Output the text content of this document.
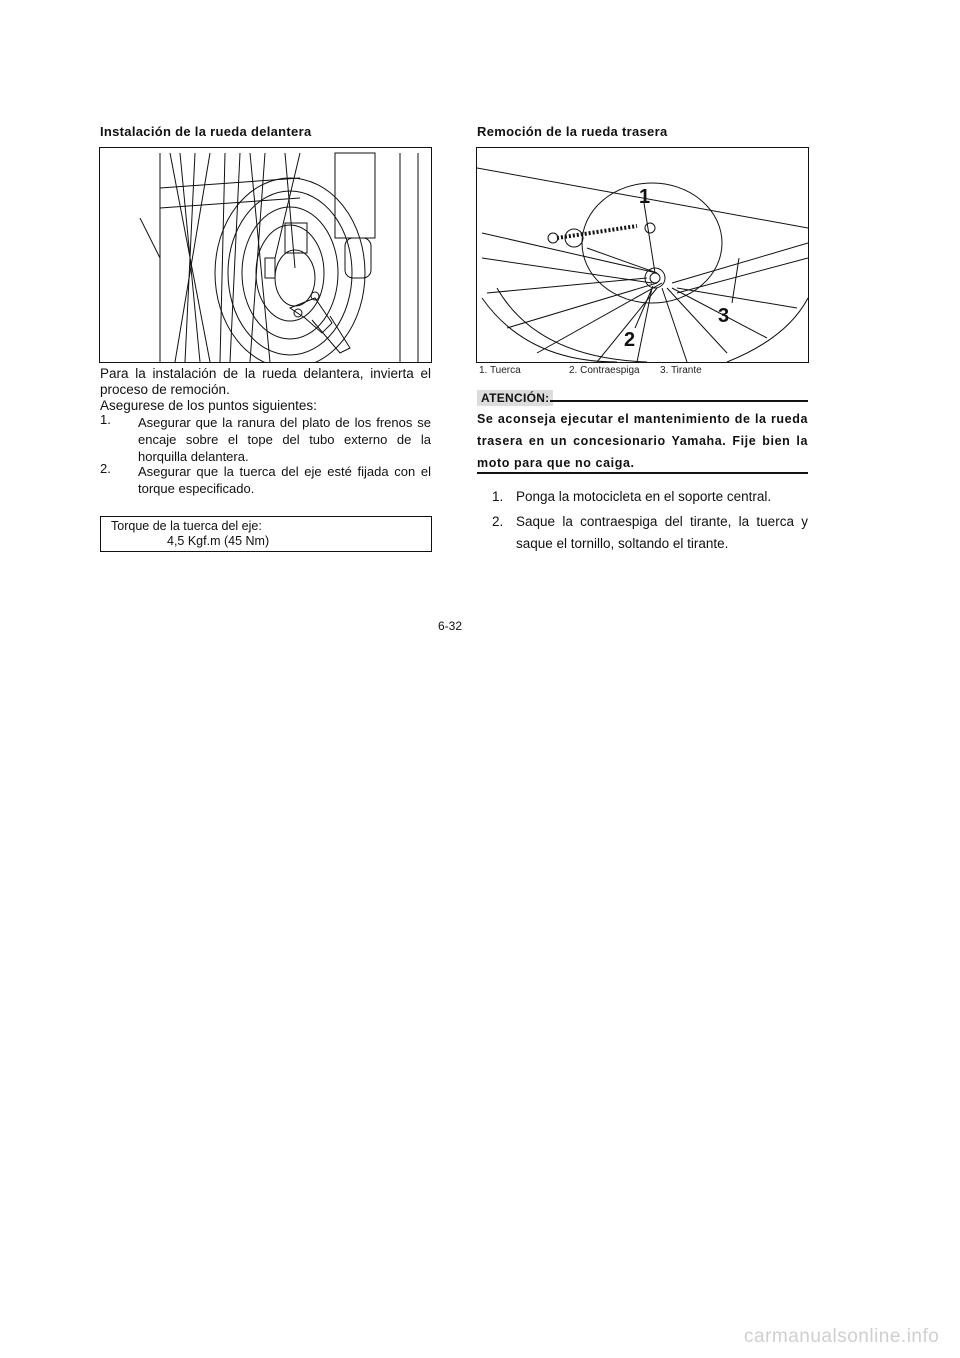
Instalación de la rueda delantera
Para la instalación de la rueda delantera, invierta el proceso de remoción.
Asegurese de los puntos siguientes:
1. Asegurar que la ranura del plato de los frenos se encaje sobre el tope del tubo externo de la horquilla delantera.
2. Asegurar que la tuerca del eje esté fijada con el torque especificado.
Torque de la tuerca del eje:
4,5 Kgf.m (45 Nm)
Remoción de la rueda trasera
1
2
3
1. Tuerca	2. Contraespiga 3. Tirante
ATENCIÓN:
Se aconseja ejecutar el mantenimiento de la rueda trasera en un concesionario Yamaha. Fije bien la moto para que no caiga.
1. Ponga la motocicleta en el soporte central.
2. Saque la contraespiga del tirante, la tuerca y saque el tornillo, soltando el tirante.
6-32
carmanualsonline.info
